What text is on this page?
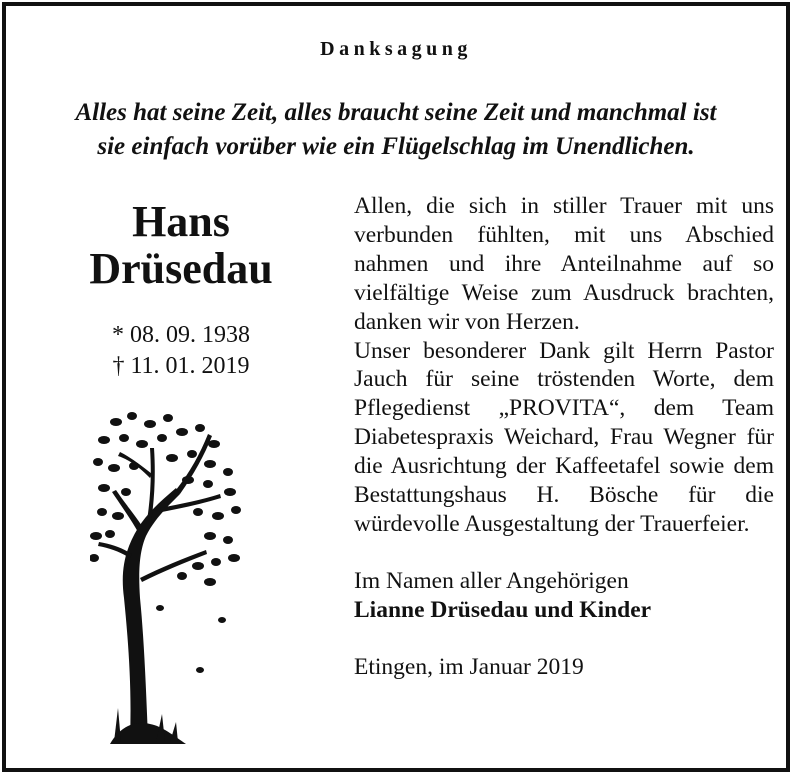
Danksagung
Alles hat seine Zeit, alles braucht seine Zeit und manchmal ist
sie einfach vorüber wie ein Flügelschlag im Unendlichen.
Hans
Drüsedau
* 08. 09. 1938
† 11. 01. 2019
Allen, die sich in stiller Trauer mit uns verbunden fühlten, mit uns Abschied nahmen und ihre Anteilnahme auf so vielfältige Weise zum Ausdruck brachten, danken wir von Herzen.
Unser besonderer Dank gilt Herrn Pastor Jauch für seine tröstenden Worte, dem Pflegedienst „PROVITA“, dem Team Diabetespraxis Weichard, Frau Wegner für die Ausrichtung der Kaffeetafel sowie dem Bestattungshaus H. Bösche für die würdevolle Ausgestaltung der Trauerfeier.
Im Namen aller Angehörigen
Lianne Drüsedau und Kinder
Etingen, im Januar 2019
